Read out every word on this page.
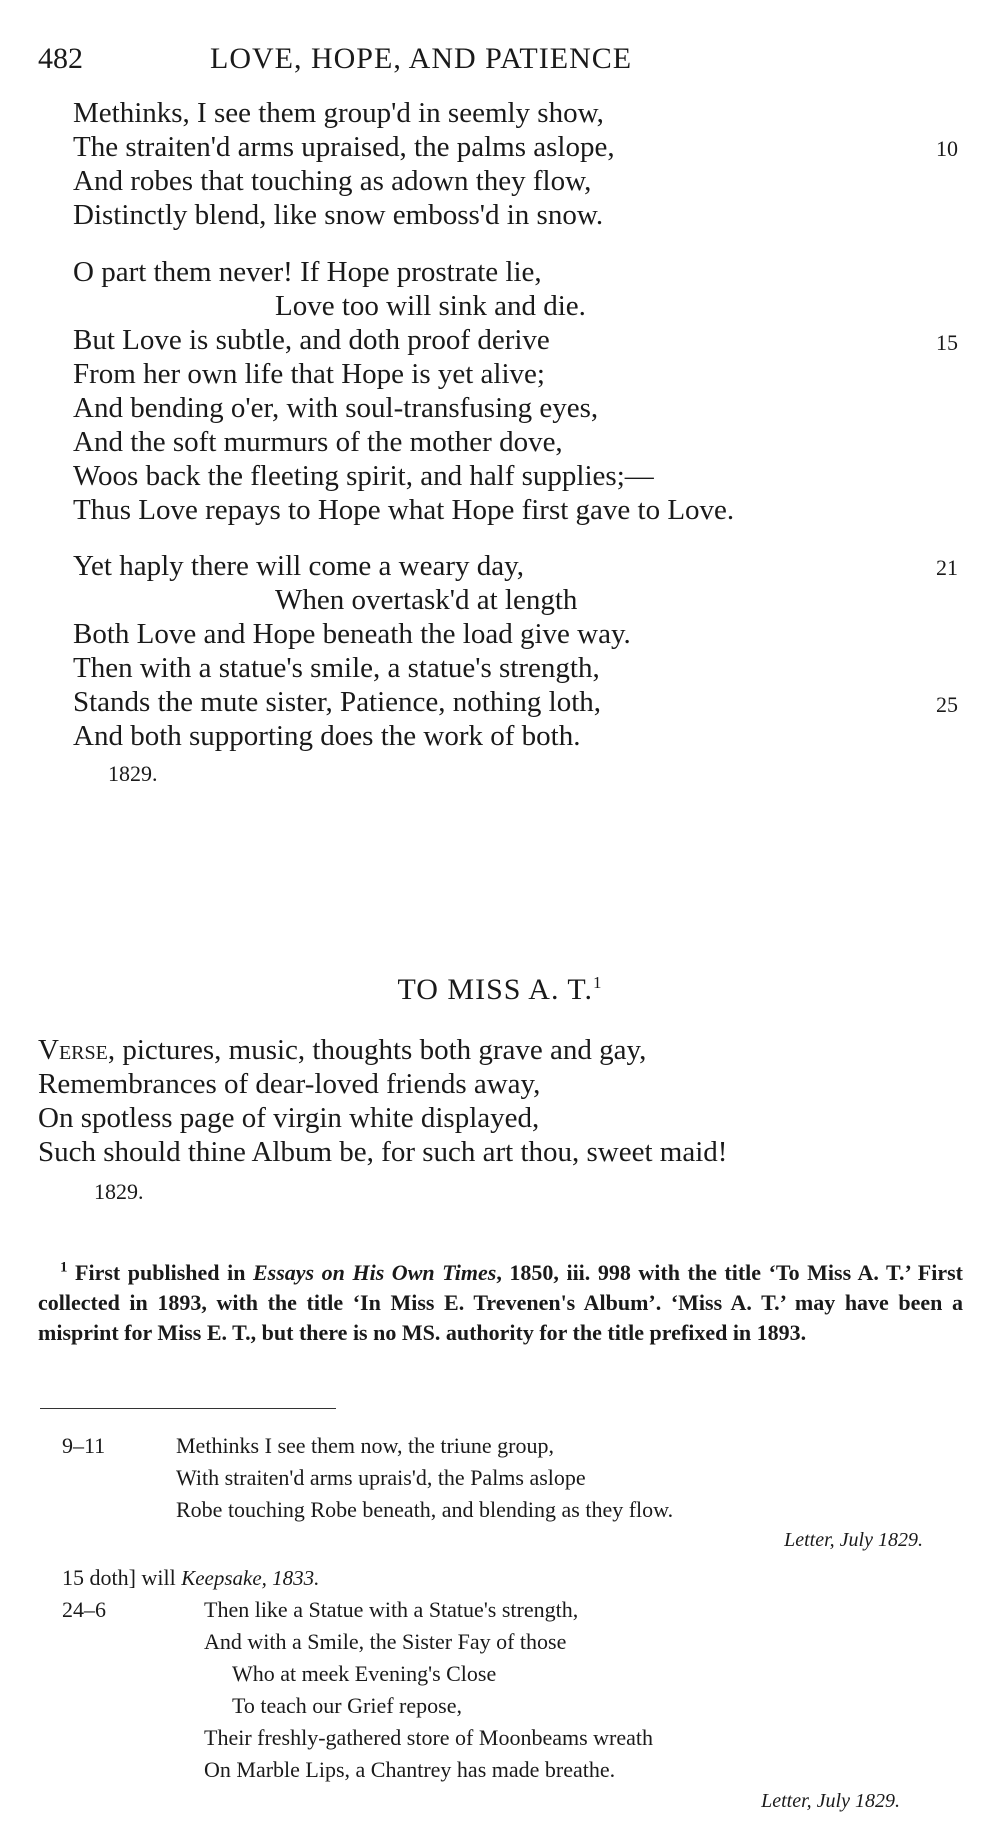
482	LOVE, HOPE, AND PATIENCE
Methinks, I see them group'd in seemly show,
The straiten'd arms upraised, the palms aslope,	10
And robes that touching as adown they flow,
Distinctly blend, like snow emboss'd in snow.
O part them never! If Hope prostrate lie,
Love too will sink and die.
But Love is subtle, and doth proof derive	15
From her own life that Hope is yet alive;
And bending o'er, with soul-transfusing eyes,
And the soft murmurs of the mother dove,
Woos back the fleeting spirit, and half supplies;—
Thus Love repays to Hope what Hope first gave to Love.
Yet haply there will come a weary day,	21
When overtask'd at length
Both Love and Hope beneath the load give way.
Then with a statue's smile, a statue's strength,
Stands the mute sister, Patience, nothing loth,	25
And both supporting does the work of both.
1829.
TO MISS A. T.$^1$
Verse, pictures, music, thoughts both grave and gay,
Remembrances of dear-loved friends away,
On spotless page of virgin white displayed,
Such should thine Album be, for such art thou, sweet maid!
1829.
$^1$ First published in Essays on His Own Times, 1850, iii. 998 with the title ‘To Miss A. T.’ First collected in 1893, with the title ‘In Miss E. Trevenen's Album’. ‘Miss A. T.’ may have been a misprint for Miss E. T., but there is no MS. authority for the title prefixed in 1893.
9–11	Methinks I see them now, the triune group,
With straiten'd arms uprais'd, the Palms aslope
Robe touching Robe beneath, and blending as they flow.
Letter, July 1829.
15 doth] will Keepsake, 1833.
24–6	Then like a Statue with a Statue's strength,
And with a Smile, the Sister Fay of those
Who at meek Evening's Close
To teach our Grief repose,
Their freshly-gathered store of Moonbeams wreath
On Marble Lips, a Chantrey has made breathe.
Letter, July 1829.
